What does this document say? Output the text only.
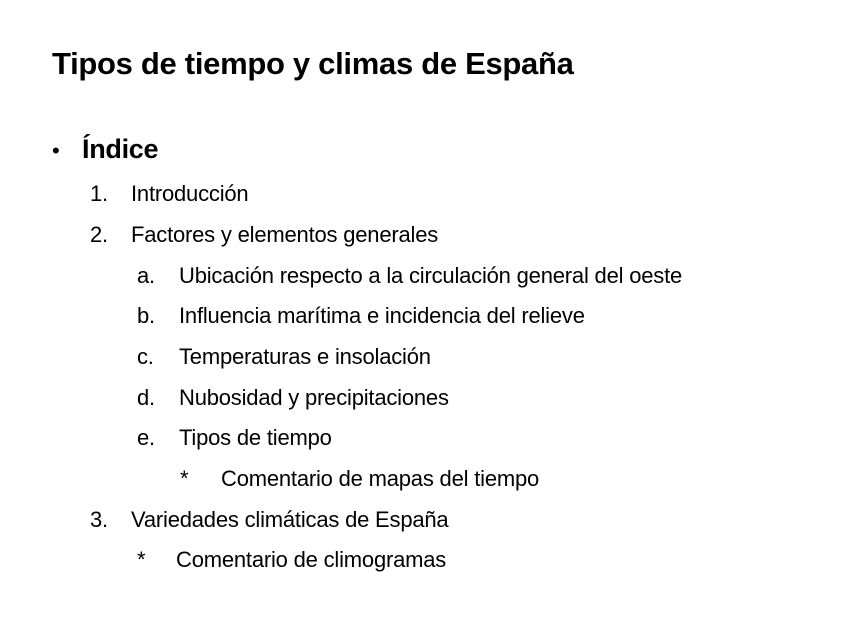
Tipos de tiempo y climas de España
• Índice
1.	Introducción
2.	Factores y elementos generales
a.	Ubicación respecto a la circulación general del oeste
b.	Influencia marítima e incidencia del relieve
c.	Temperaturas e insolación
d.	Nubosidad y precipitaciones
e.	Tipos de tiempo
*	Comentario de mapas del tiempo
3.	Variedades climáticas de España
*	Comentario de climogramas
